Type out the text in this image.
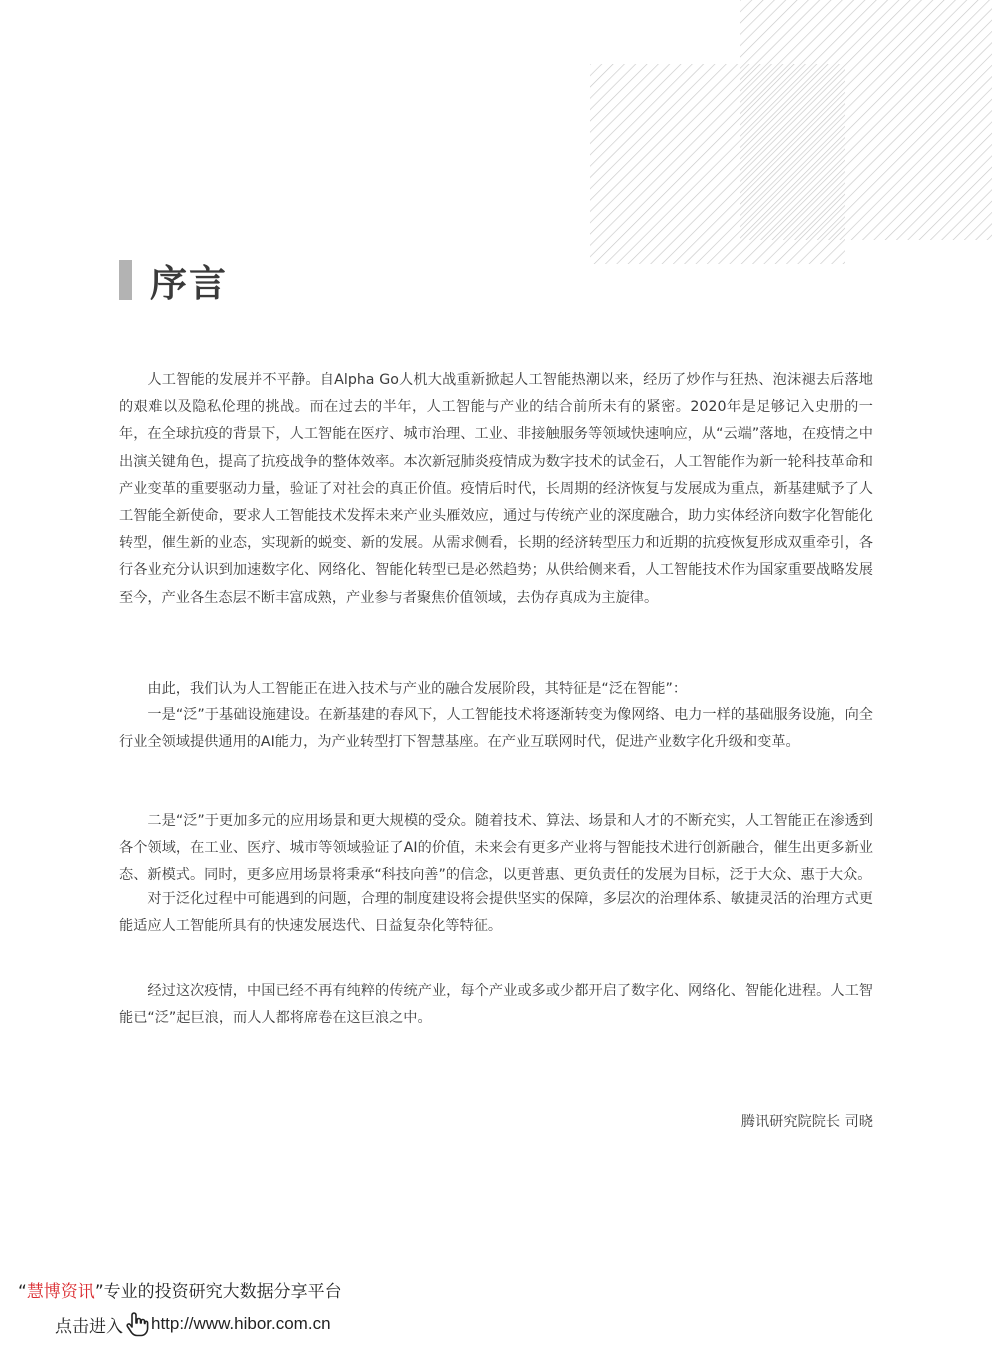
序言

人工智能的发展并不平静。自Alpha Go人机大战重新掀起人工智能热潮以来，经历了炒作与狂热、泡沫褪去后落地的艰难以及隐私伦理的挑战。而在过去的半年，人工智能与产业的结合前所未有的紧密。2020年是足够记入史册的一年，在全球抗疫的背景下，人工智能在医疗、城市治理、工业、非接触服务等领域快速响应，从“云端”落地，在疫情之中出演关键角色，提高了抗疫战争的整体效率。本次新冠肺炎疫情成为数字技术的试金石，人工智能作为新一轮科技革命和产业变革的重要驱动力量，验证了对社会的真正价值。疫情后时代，长周期的经济恢复与发展成为重点，新基建赋予了人工智能全新使命，要求人工智能技术发挥未来产业头雁效应，通过与传统产业的深度融合，助力实体经济向数字化智能化转型，催生新的业态，实现新的蜕变、新的发展。从需求侧看，长期的经济转型压力和近期的抗疫恢复形成双重牵引，各行各业充分认识到加速数字化、网络化、智能化转型已是必然趋势；从供给侧来看，人工智能技术作为国家重要战略发展至今，产业各生态层不断丰富成熟，产业参与者聚焦价值领域，去伪存真成为主旋律。

由此，我们认为人工智能正在进入技术与产业的融合发展阶段，其特征是“泛在智能”：

一是“泛”于基础设施建设。在新基建的春风下，人工智能技术将逐渐转变为像网络、电力一样的基础服务设施，向全行业全领域提供通用的AI能力，为产业转型打下智慧基座。在产业互联网时代，促进产业数字化升级和变革。

二是“泛”于更加多元的应用场景和更大规模的受众。随着技术、算法、场景和人才的不断充实，人工智能正在渗透到各个领域，在工业、医疗、城市等领域验证了AI的价值，未来会有更多产业将与智能技术进行创新融合，催生出更多新业态、新模式。同时，更多应用场景将秉承“科技向善”的信念，以更普惠、更负责任的发展为目标，泛于大众、惠于大众。

对于泛化过程中可能遇到的问题，合理的制度建设将会提供坚实的保障，多层次的治理体系、敏捷灵活的治理方式更能适应人工智能所具有的快速发展迭代、日益复杂化等特征。

经过这次疫情，中国已经不再有纯粹的传统产业，每个产业或多或少都开启了数字化、网络化、智能化进程。人工智能已“泛”起巨浪，而人人都将席卷在这巨浪之中。

腾讯研究院院长 司晓
“慧博资讯”专业的投资研究大数据分享平台
点击进入 http://www.hibor.com.cn
